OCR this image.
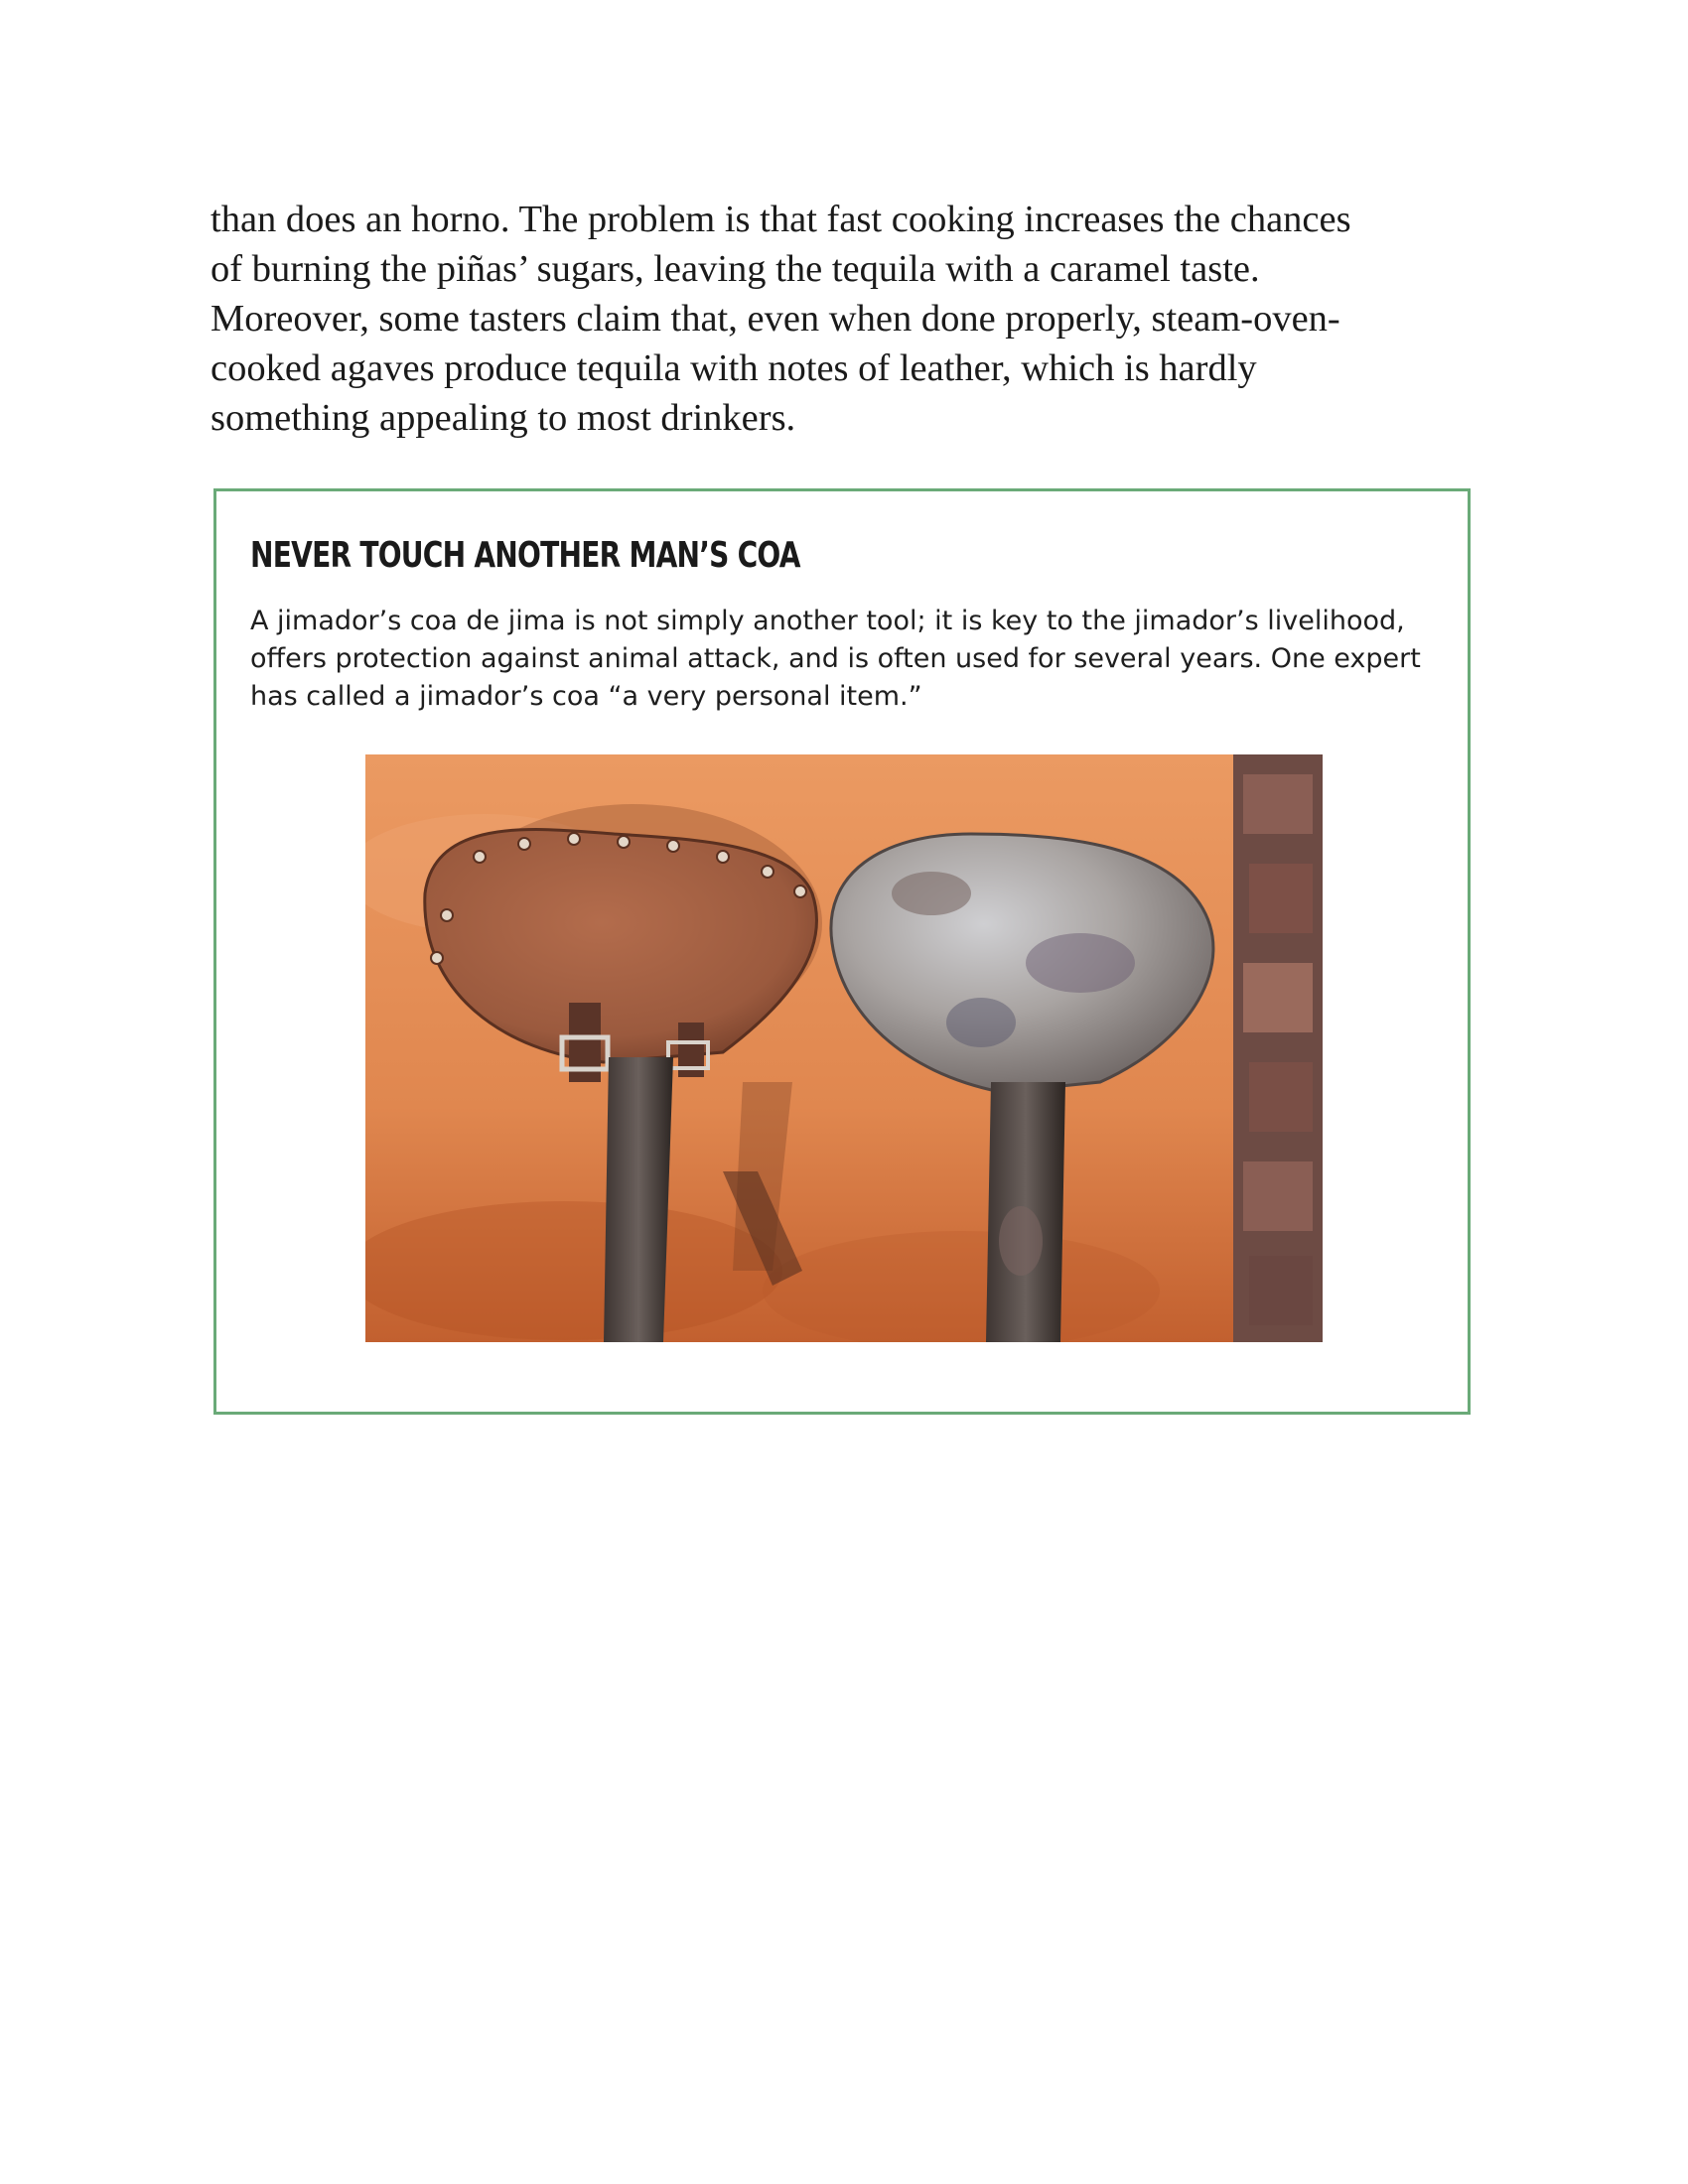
than does an horno. The problem is that fast cooking increases the chances
of burning the piñas’ sugars, leaving the tequila with a caramel taste.
Moreover, some tasters claim that, even when done properly, steam-oven-
cooked agaves produce tequila with notes of leather, which is hardly
something appealing to most drinkers.

NEVER TOUCH ANOTHER MAN’S COA

A jimador’s coa de jima is not simply another tool; it is key to the jimador’s livelihood,
offers protection against animal attack, and is often used for several years. One expert
has called a jimador’s coa “a very personal item.”
